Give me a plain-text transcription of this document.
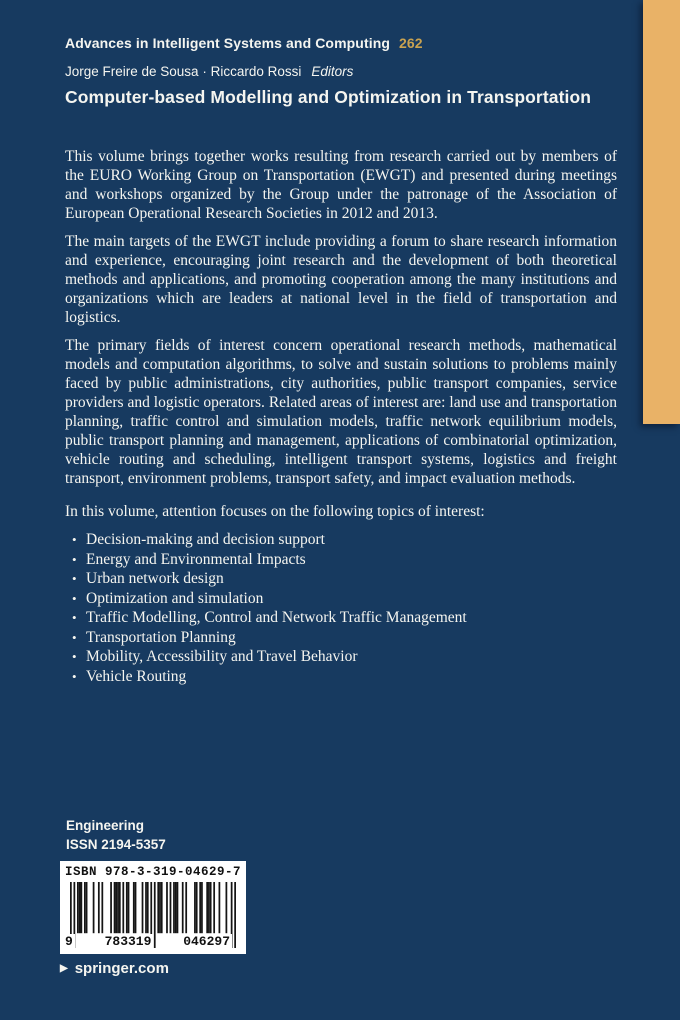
Advances in Intelligent Systems and Computing 262
Jorge Freire de Sousa · Riccardo Rossi Editors
Computer-based Modelling and Optimization in Transportation

This volume brings together works resulting from research carried out by members of the EURO Working Group on Transportation (EWGT) and presented during meetings and workshops organized by the Group under the patronage of the Association of European Operational Research Societies in 2012 and 2013.

The main targets of the EWGT include providing a forum to share research information and experience, encouraging joint research and the development of both theoretical methods and applications, and promoting cooperation among the many institutions and organizations which are leaders at national level in the field of transportation and logistics.

The primary fields of interest concern operational research methods, mathematical models and computation algorithms, to solve and sustain solutions to problems mainly faced by public administrations, city authorities, public transport companies, service providers and logistic operators. Related areas of interest are: land use and transportation planning, traffic control and simulation models, traffic network equilibrium models, public transport planning and management, applications of combinatorial optimization, vehicle routing and scheduling, intelligent transport systems, logistics and freight transport, environment problems, transport safety, and impact evaluation methods.

In this volume, attention focuses on the following topics of interest:

• Decision-making and decision support
• Energy and Environmental Impacts
• Urban network design
• Optimization and simulation
• Traffic Modelling, Control and Network Traffic Management
• Transportation Planning
• Mobility, Accessibility and Travel Behavior
• Vehicle Routing
Engineering
ISSN 2194-5357
ISBN 978-3-319-04629-7
9 783319 046297
▶ springer.com
